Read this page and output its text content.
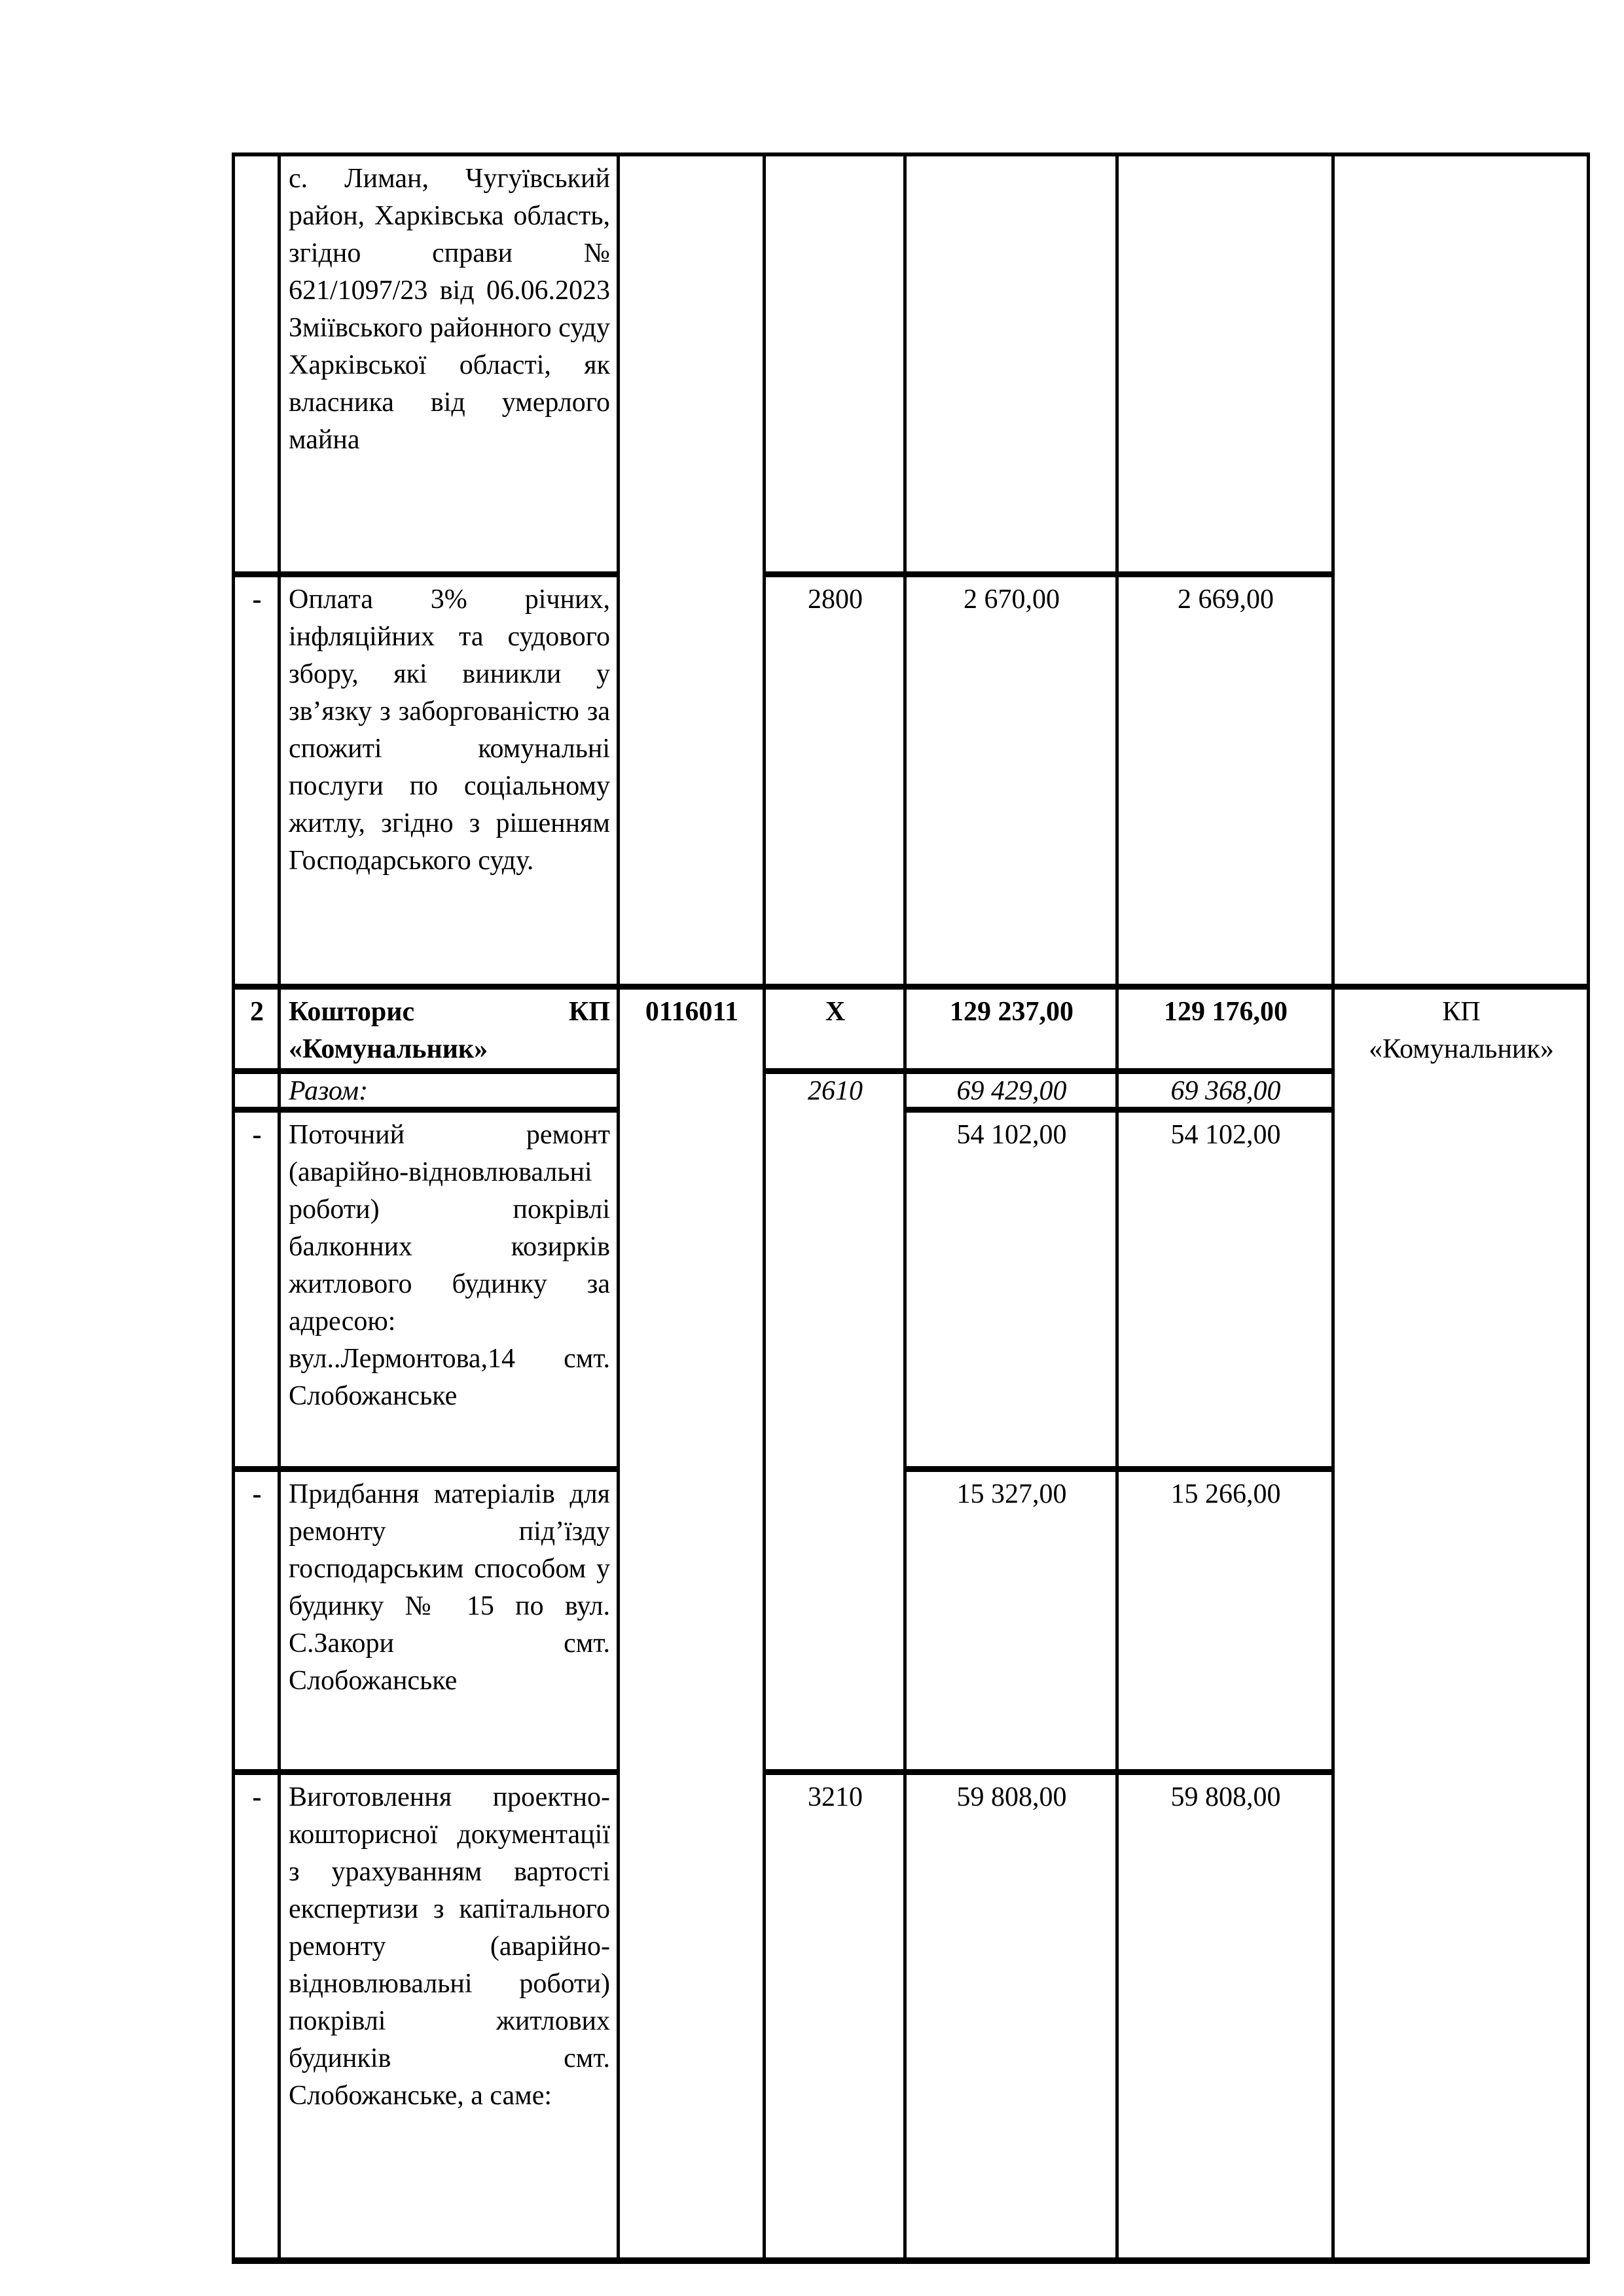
	с. Лиман, Чугуївський район, Харківська область, згідно справи № 621/1097/23 від 06.06.2023 Зміївського районного суду Харківської області, як власника від умерлого майна					
-	Оплата 3% річних, інфляційних та судового збору, які виникли у зв’язку з заборгованістю за спожиті комунальні послуги по соціальному житлу, згідно з рішенням Господарського суду.		2800	2 670,00	2 669,00	
2	Кошторис КП «Комунальник»	0116011	Х	129 237,00	129 176,00	КП «Комунальник»

	Разом:		2610	69 429,00	69 368,00	
-	Поточний ремонт (аварійно-відновлювальні роботи) покрівлі балконних козирків житлового будинку за адресою: вул..Лермонтова,14 смт. Слобожанське			54 102,00	54 102,00	
-	Придбання матеріалів для ремонту під’їзду господарським способом у будинку № 15 по вул. С.Закори смт. Слобожанське			15 327,00	15 266,00	
-	Виготовлення проектно-кошторисної документації з урахуванням вартості експертизи з капітального ремонту (аварійно-відновлювальні роботи) покрівлі житлових будинків смт. Слобожанське, а саме:		3210	59 808,00	59 808,00	
